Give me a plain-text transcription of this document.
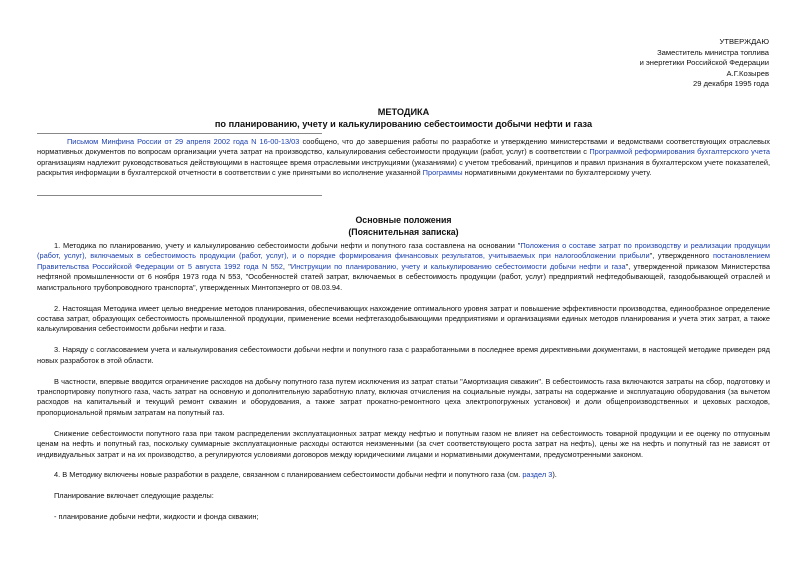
УТВЕРЖДАЮ
Заместитель министра топлива
и энергетики Российской Федерации
А.Г.Козырев
29 декабря 1995 года
МЕТОДИКА
по планированию, учету и калькулированию себестоимости добычи нефти и газа

Письмом Минфина России от 29 апреля 2002 года N 16-00-13/03 сообщено, что до завершения работы по разработке и утверждению министерствами и ведомствами соответствующих отраслевых нормативных документов по вопросам организации учета затрат на производство, калькулирования себестоимости продукции (работ, услуг) в соответствии с Программой реформирования бухгалтерского учета организациям надлежит руководствоваться действующими в настоящее время отраслевыми инструкциями (указаниями) с учетом требований, принципов и правил признания в бухгалтерском учете показателей, раскрытия информации в бухгалтерской отчетности в соответствии с уже принятыми во исполнение указанной Программы нормативными документами по бухгалтерскому учету.

Основные положения
(Пояснительная записка)

1. Методика по планированию, учету и калькулированию себестоимости добычи нефти и попутного газа составлена на основании "Положения о составе затрат по производству и реализации продукции (работ, услуг), включаемых в себестоимость продукции (работ, услуг), и о порядке формирования финансовых результатов, учитываемых при налогообложении прибыли", утвержденного постановлением Правительства Российской Федерации от 5 августа 1992 года N 552, "Инструкции по планированию, учету и калькулированию себестоимости добычи нефти и газа", утвержденной приказом Министерства нефтяной промышленности от 6 ноября 1973 года N 553, "Особенностей статей затрат, включаемых в себестоимость продукции (работ, услуг) предприятий нефтедобывающей, газодобывающей отраслей и магистрального трубопроводного транспорта", утвержденных Минтопэнерго от 08.03.94.

2. Настоящая Методика имеет целью внедрение методов планирования, обеспечивающих нахождение оптимального уровня затрат и повышение эффективности производства, единообразное определение состава затрат, образующих себестоимость промышленной продукции, применение всеми нефтегазодобывающими предприятиями и организациями единых методов планирования и учета этих затрат, а также калькулирования себестоимости добычи нефти и газа.

3. Наряду с согласованием учета и калькулирования себестоимости добычи нефти и попутного газа с разработанными в последнее время директивными документами, в настоящей методике приведен ряд новых разработок в этой области.

В частности, впервые вводится ограничение расходов на добычу попутного газа путем исключения из затрат статьи "Амортизация скважин". В себестоимость газа включаются затраты на сбор, подготовку и транспортировку попутного газа, часть затрат на основную и дополнительную заработную плату, включая отчисления на социальные нужды, затраты на содержание и эксплуатацию оборудования (за вычетом расходов на капитальный и текущий ремонт скважин и оборудования, а также затрат прокатно-ремонтного цеха электропогружных установок) и доли общепроизводственных и цеховых расходов, пропорциональной прямым затратам на попутный газ.

Снижение себестоимости попутного газа при таком распределении эксплуатационных затрат между нефтью и попутным газом не влияет на себестоимость товарной продукции и ее оценку по отпускным ценам на нефть и попутный газ, поскольку суммарные эксплуатационные расходы остаются неизменными (за счет соответствующего роста затрат на нефть), цены же на нефть и попутный газ не зависят от индивидуальных затрат и на их производство, а регулируются условиями договоров между юридическими лицами и нормативными документами, предусмотренными законом.

4. В Методику включены новые разработки в разделе, связанном с планированием себестоимости добычи нефти и попутного газа (см. раздел 3).

Планирование включает следующие разделы:

- планирование добычи нефти, жидкости и фонда скважин;
